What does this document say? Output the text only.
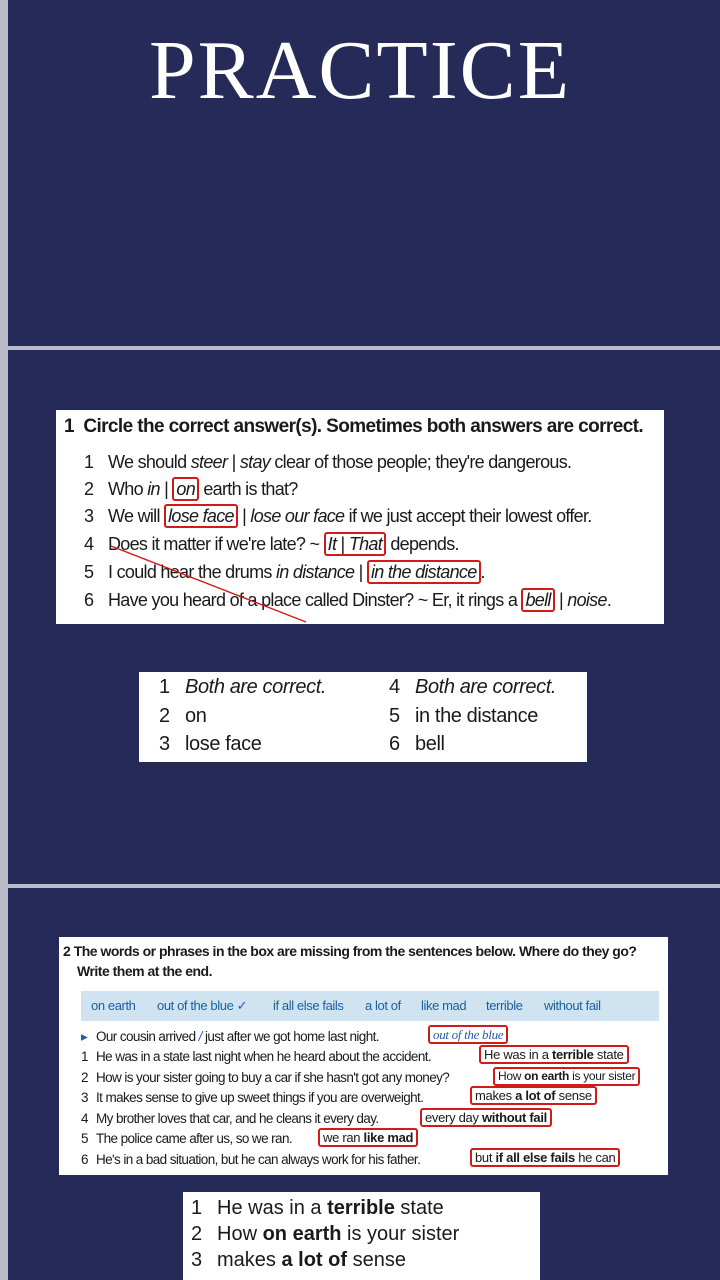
PRACTICE
1 Circle the correct answer(s). Sometimes both answers are correct.
1 We should steer | stay clear of those people; they're dangerous.
2 Who in | on earth is that?
3 We will lose face | lose our face if we just accept their lowest offer.
4 Does it matter if we're late? ~ It | That depends.
5 I could hear the drums in distance | in the distance .
6 Have you heard of a place called Dinster? ~ Er, it rings a bell | noise.
1 Both are correct.
2 on
3 lose face
4 Both are correct.
5 in the distance
6 bell
2 The words or phrases in the box are missing from the sentences below. Where do they go?
Write them at the end.
on earth out of the blue ✓ if all else fails a lot of like mad terrible without fail
▸ Our cousin arrived / just after we got home last night.	out of the blue
1 He was in a state last night when he heard about the accident.	He was in a terrible state
2 How is your sister going to buy a car if she hasn't got any money?	How on earth is your sister
3 It makes sense to give up sweet things if you are overweight.	makes a lot of sense
4 My brother loves that car, and he cleans it every day.	every day without fail
5 The police came after us, so we ran.	we ran like mad
6 He's in a bad situation, but he can always work for his father.	but if all else fails he can
1 He was in a terrible state
2 How on earth is your sister
3 makes a lot of sense
